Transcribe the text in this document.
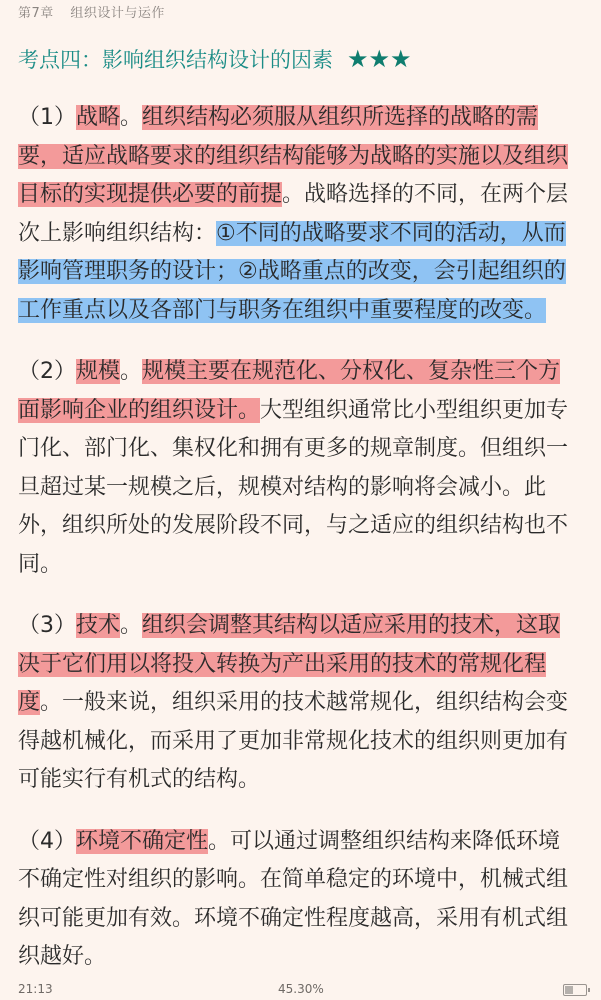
第7章 组织设计与运作
考点四：影响组织结构设计的因素 ★★★

（1）战略。组织结构必须服从组织所选择的战略的需要，适应战略要求的组织结构能够为战略的实施以及组织目标的实现提供必要的前提。战略选择的不同，在两个层次上影响组织结构：①不同的战略要求不同的活动，从而影响管理职务的设计；②战略重点的改变，会引起组织的工作重点以及各部门与职务在组织中重要程度的改变。

（2）规模。规模主要在规范化、分权化、复杂性三个方面影响企业的组织设计。大型组织通常比小型组织更加专门化、部门化、集权化和拥有更多的规章制度。但组织一旦超过某一规模之后，规模对结构的影响将会减小。此外，组织所处的发展阶段不同，与之适应的组织结构也不同。

（3）技术。组织会调整其结构以适应采用的技术，这取决于它们用以将投入转换为产出采用的技术的常规化程度。一般来说，组织采用的技术越常规化，组织结构会变得越机械化，而采用了更加非常规化技术的组织则更加有可能实行有机式的结构。

（4）环境不确定性。可以通过调整组织结构来降低环境不确定性对组织的影响。在简单稳定的环境中，机械式组织可能更加有效。环境不确定性程度越高，采用有机式组织越好。

21:13	45.30%
